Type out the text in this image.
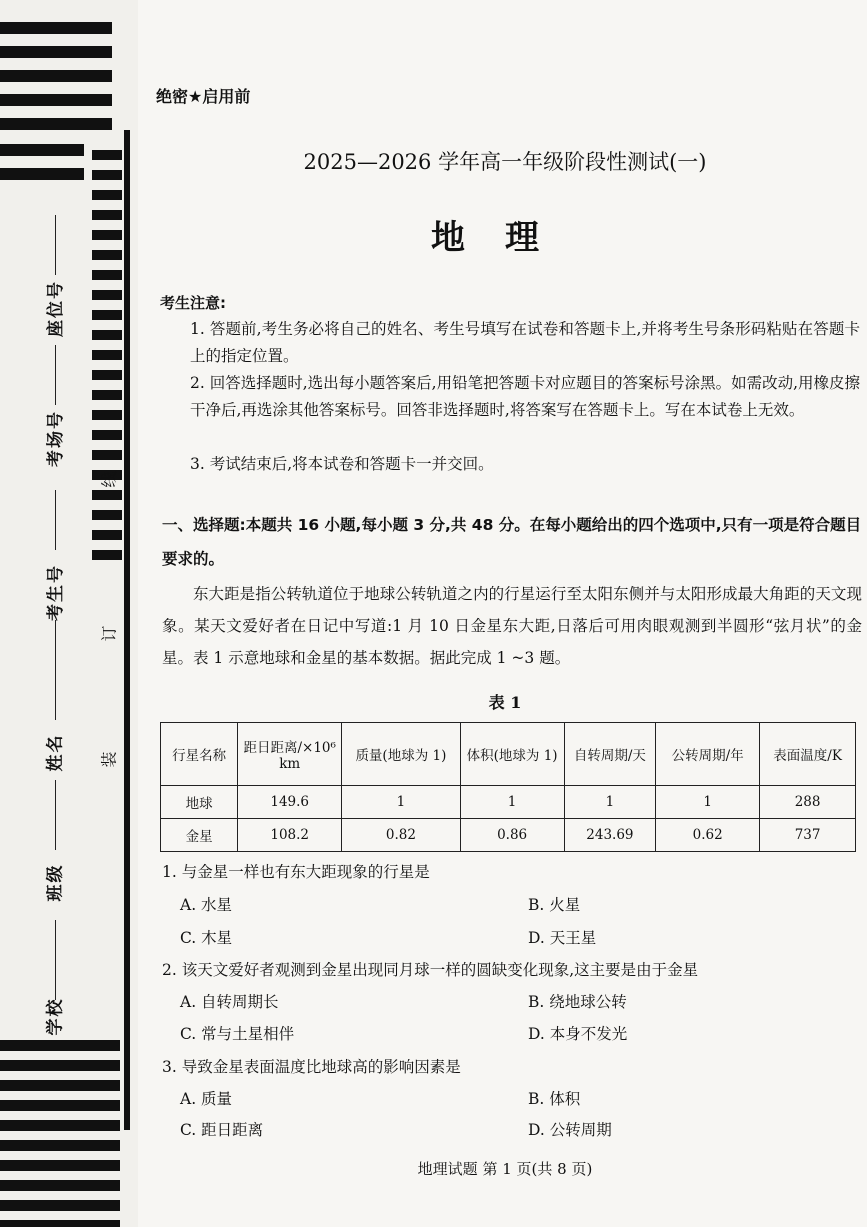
座位号
考场号
考生号
姓名
班级
学校
线
订
装
绝密★启用前
2025—2026 学年高一年级阶段性测试(一)
地理
考生注意:
1. 答题前,考生务必将自己的姓名、考生号填写在试卷和答题卡上,并将考生号条形码粘贴在答题卡上的指定位置。
2. 回答选择题时,选出每小题答案后,用铅笔把答题卡对应题目的答案标号涂黑。如需改动,用橡皮擦干净后,再选涂其他答案标号。回答非选择题时,将答案写在答题卡上。写在本试卷上无效。
3. 考试结束后,将本试卷和答题卡一并交回。
一、选择题:本题共 16 小题,每小题 3 分,共 48 分。在每小题给出的四个选项中,只有一项是符合题目要求的。
东大距是指公转轨道位于地球公转轨道之内的行星运行至太阳东侧并与太阳形成最大角距的天文现象。某天文爱好者在日记中写道:1 月 10 日金星东大距,日落后可用肉眼观测到半圆形“弦月状”的金星。表 1 示意地球和金星的基本数据。据此完成 1 ~3 题。
表 1
行星名称	距日距离/×10⁶ km	质量(地球为 1)	体积(地球为 1)	自转周期/天	公转周期/年	表面温度/K
地球	149.6	1	1	1	1	288
金星	108.2	0.82	0.86	243.69	0.62	737
1. 与金星一样也有东大距现象的行星是
A. 水星	B. 火星
C. 木星	D. 天王星
2. 该天文爱好者观测到金星出现同月球一样的圆缺变化现象,这主要是由于金星
A. 自转周期长	B. 绕地球公转
C. 常与土星相伴	D. 本身不发光
3. 导致金星表面温度比地球高的影响因素是
A. 质量	B. 体积
C. 距日距离	D. 公转周期
地理试题 第 1 页(共 8 页)
